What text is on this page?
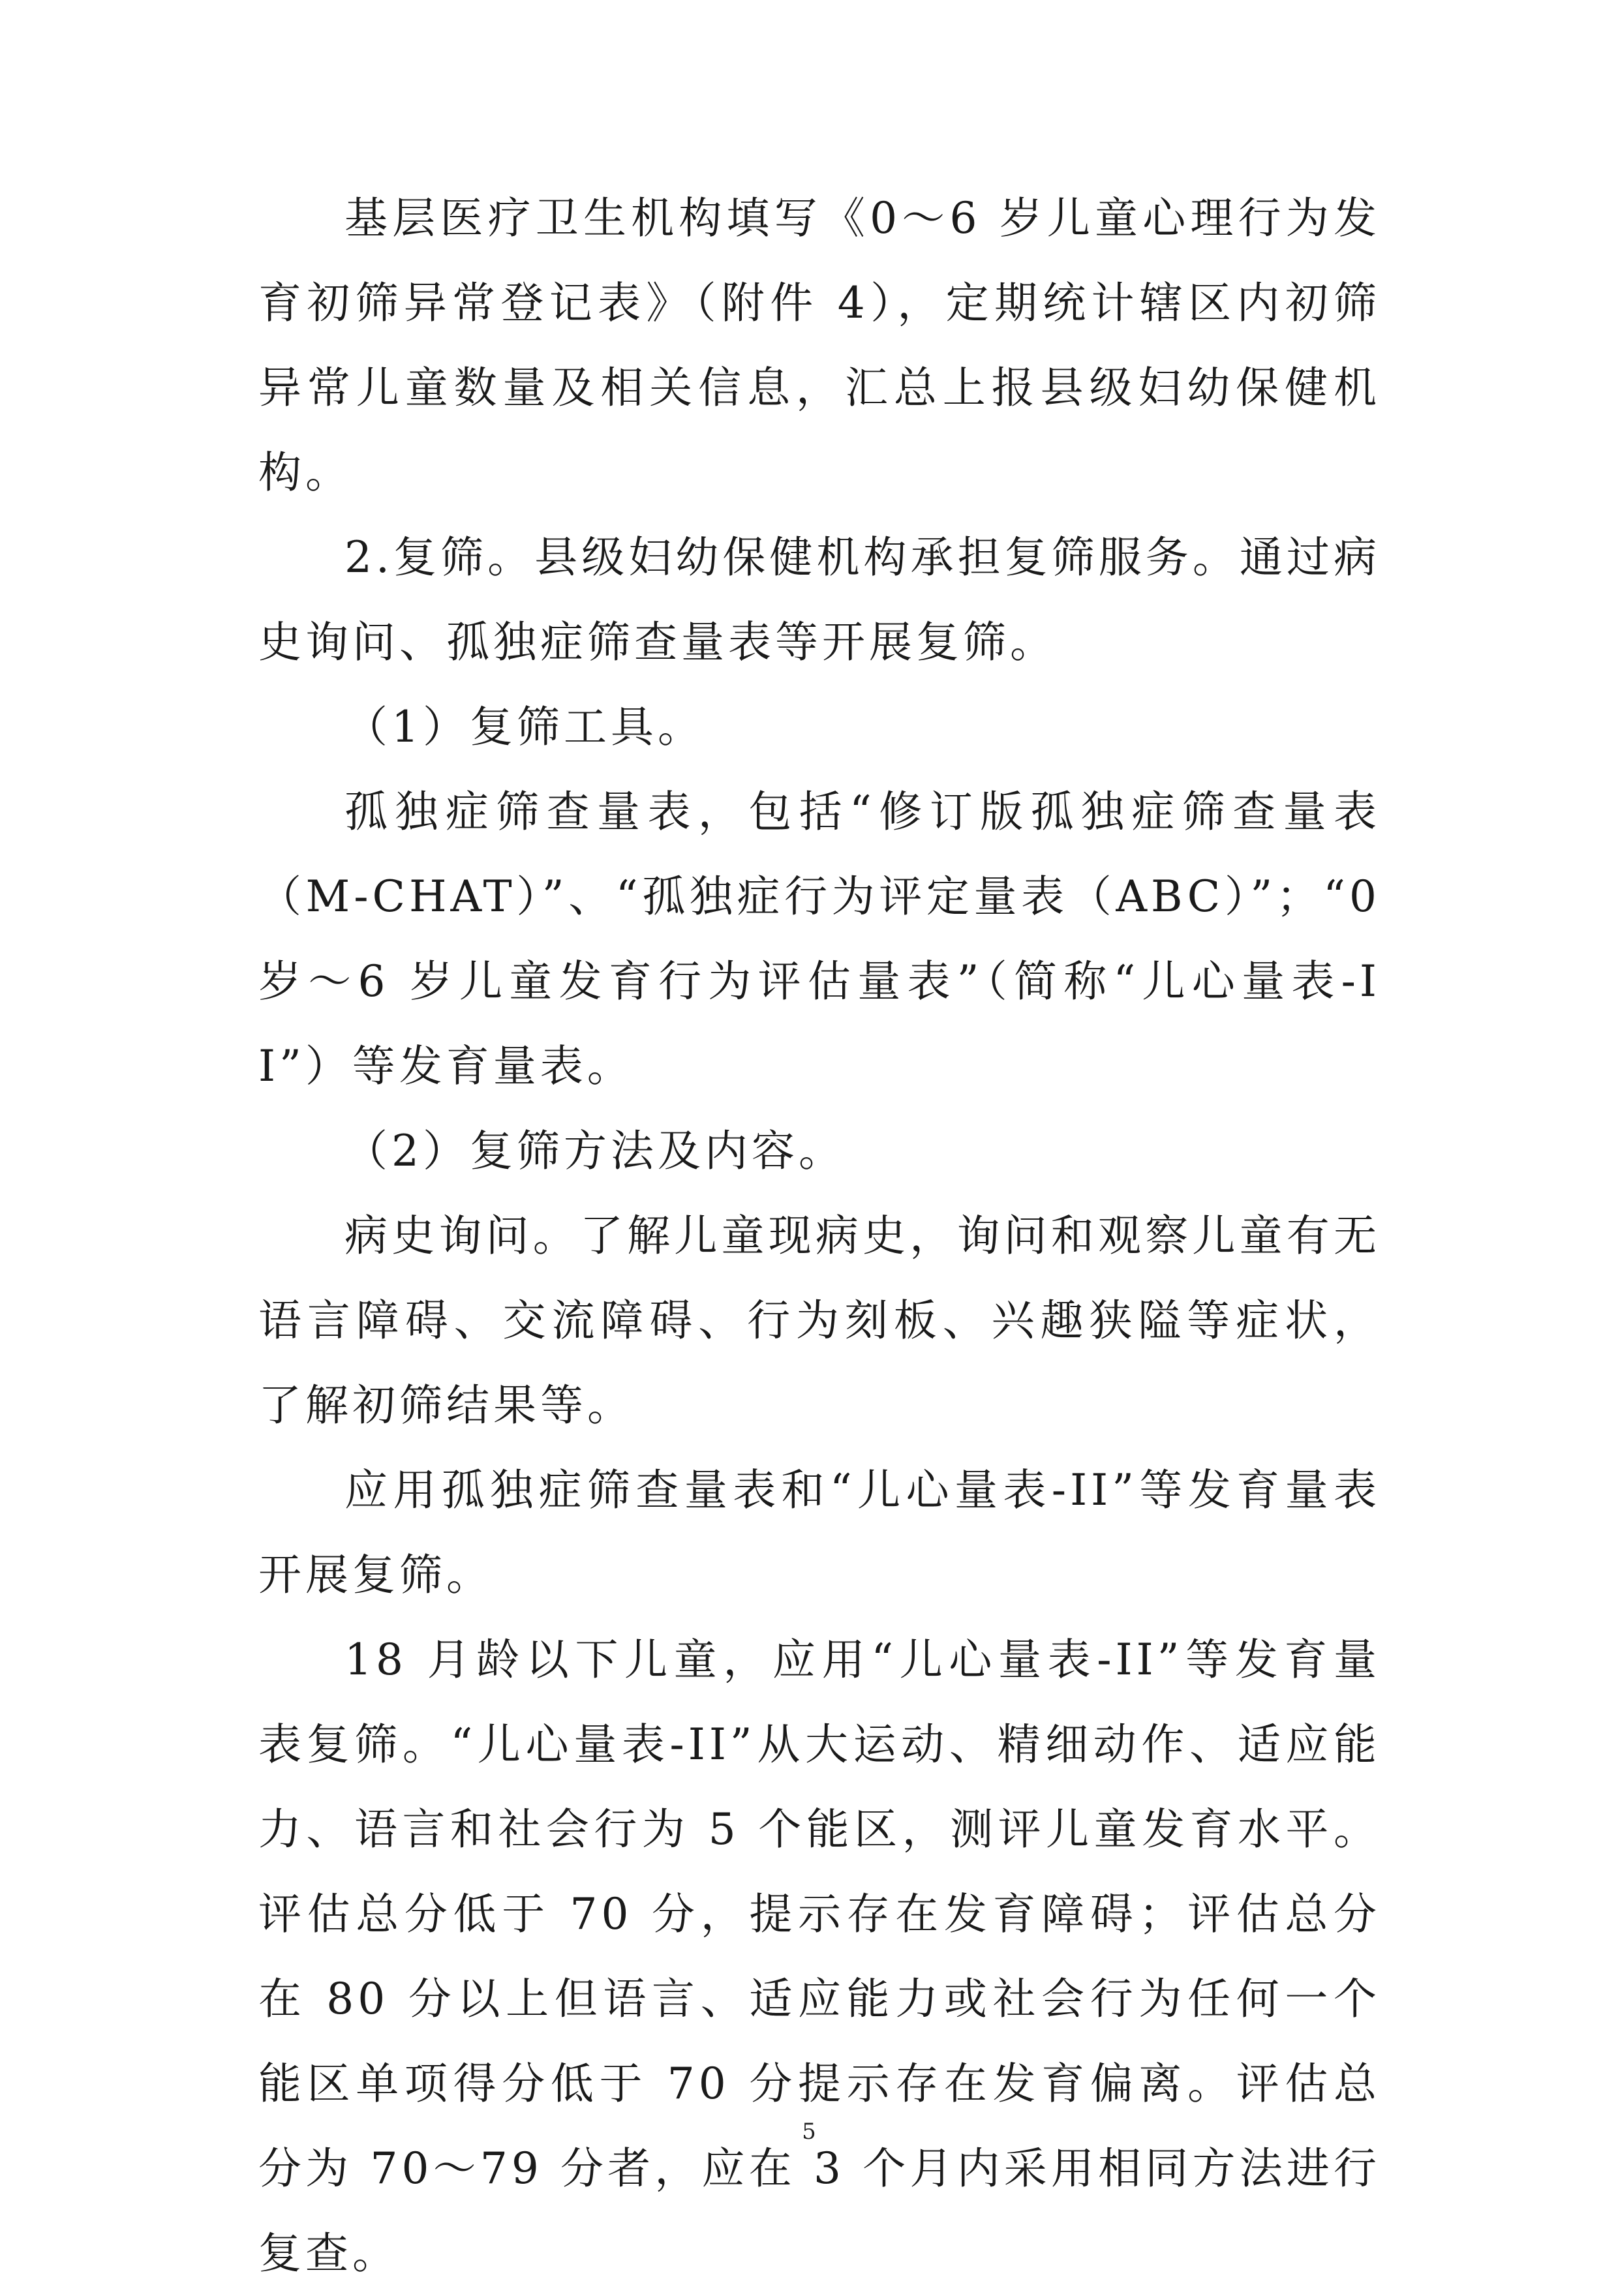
基层医疗卫生机构填写《0～6 岁儿童心理行为发育初筛异常登记表》（附件 4），定期统计辖区内初筛异常儿童数量及相关信息，汇总上报县级妇幼保健机构。

2.复筛。县级妇幼保健机构承担复筛服务。通过病史询问、孤独症筛查量表等开展复筛。

（1）复筛工具。

孤独症筛查量表，包括“修订版孤独症筛查量表（M-CHAT）”、“孤独症行为评定量表（ABC）”；“0 岁～6 岁儿童发育行为评估量表”（简称“儿心量表-II”）等发育量表。

（2）复筛方法及内容。

病史询问。了解儿童现病史，询问和观察儿童有无语言障碍、交流障碍、行为刻板、兴趣狭隘等症状，了解初筛结果等。

应用孤独症筛查量表和“儿心量表-II”等发育量表开展复筛。

18 月龄以下儿童，应用“儿心量表-II”等发育量表复筛。“儿心量表-II”从大运动、精细动作、适应能力、语言和社会行为 5 个能区，测评儿童发育水平。评估总分低于 70 分，提示存在发育障碍；评估总分在 80 分以上但语言、适应能力或社会行为任何一个能区单项得分低于 70 分提示存在发育偏离。评估总分为 70～79 分者，应在 3 个月内采用相同方法进行复查。

5
